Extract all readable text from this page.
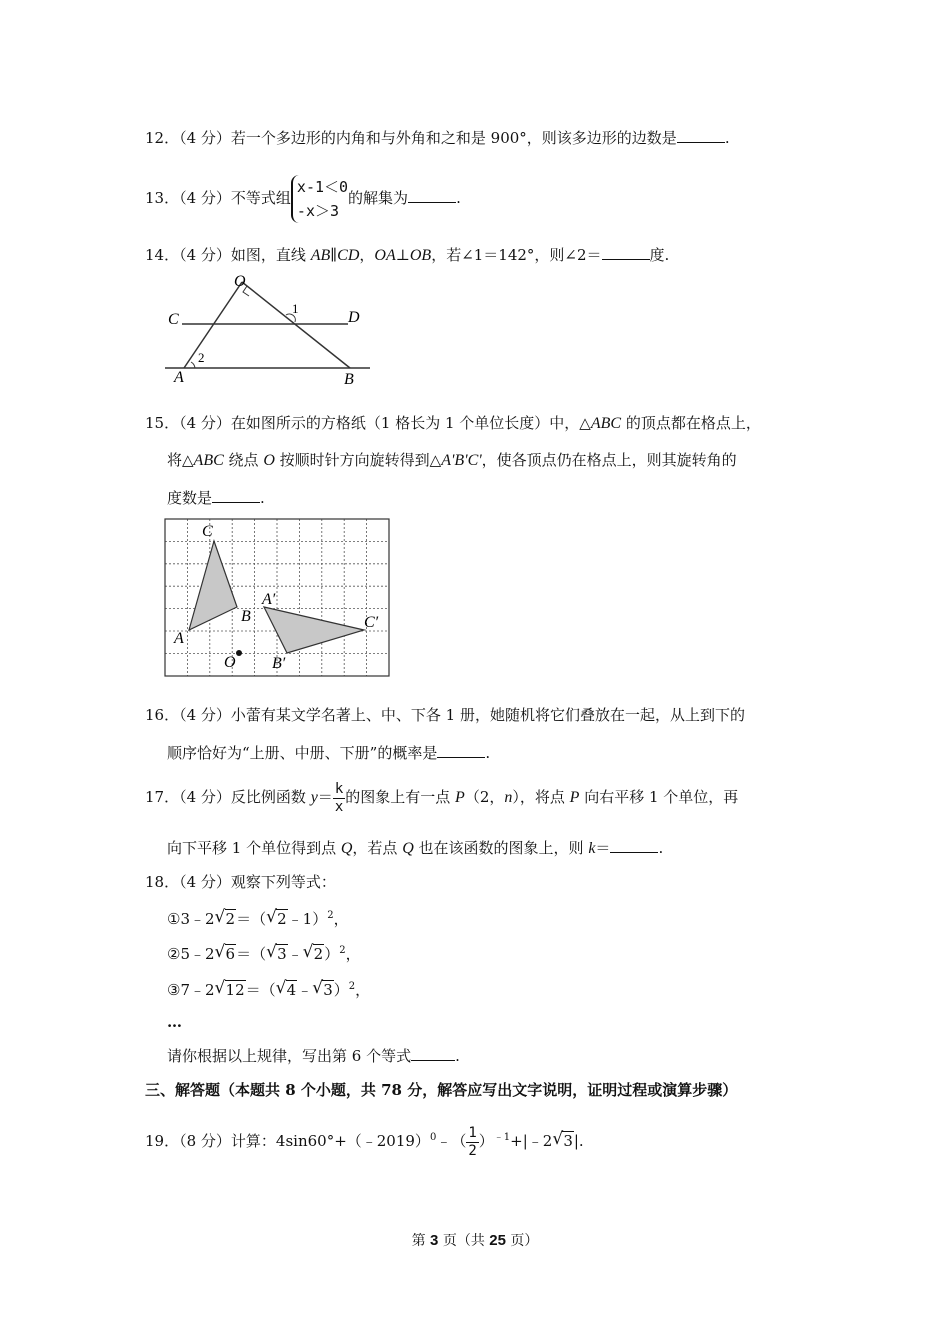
12．（4 分）若一个多边形的内角和与外角和之和是 900°，则该多边形的边数是	.
13．（4 分）不等式组
x-1＜0
-x＞3
的解集为	.
14．（4 分）如图，直线 AB∥CD，OA⊥OB，若∠1＝142°，则∠2＝	度.
O
C	D
A	B
1
2
15．（4 分）在如图所示的方格纸（1 格长为 1 个单位长度）中，△ABC 的顶点都在格点上，
将△ABC 绕点 O 按顺时针方向旋转得到△A'B'C'，使各顶点仍在格点上，则其旋转角的
度数是	.
C
A
B
O
A′
B′
C′
16．（4 分）小蕾有某文学名著上、中、下各 1 册，她随机将它们叠放在一起，从上到下的
顺序恰好为“上册、中册、下册”的概率是	.
17．（4 分）反比例函数 $y= \frac{k}{x}$ 的图象上有一点 P（2，n），将点 P 向右平移 1 个单位，再
向下平移 1 个单位得到点 Q，若点 Q 也在该函数的图象上，则 k＝	.
18．（4 分）观察下列等式：
①3﹣2 √ 2＝（ √ 2﹣1）$^2$，
②5﹣2 √ 6＝（ √ 3﹣ √ 2）$^2$，
③7﹣2 √ 12＝（ √ 4﹣ √ 3）$^2$，
…
请你根据以上规律，写出第 6 个等式	.
三、解答题（本题共 8 个小题，共 78 分，解答应写出文字说明，证明过程或演算步骤）
19．（8 分）计算：4sin60°+（﹣2019）$^0$﹣（ $\frac{1}{2}$ ）$^{﹣1}$+|﹣2 √ 3|.
第 3 页（共 25 页）
